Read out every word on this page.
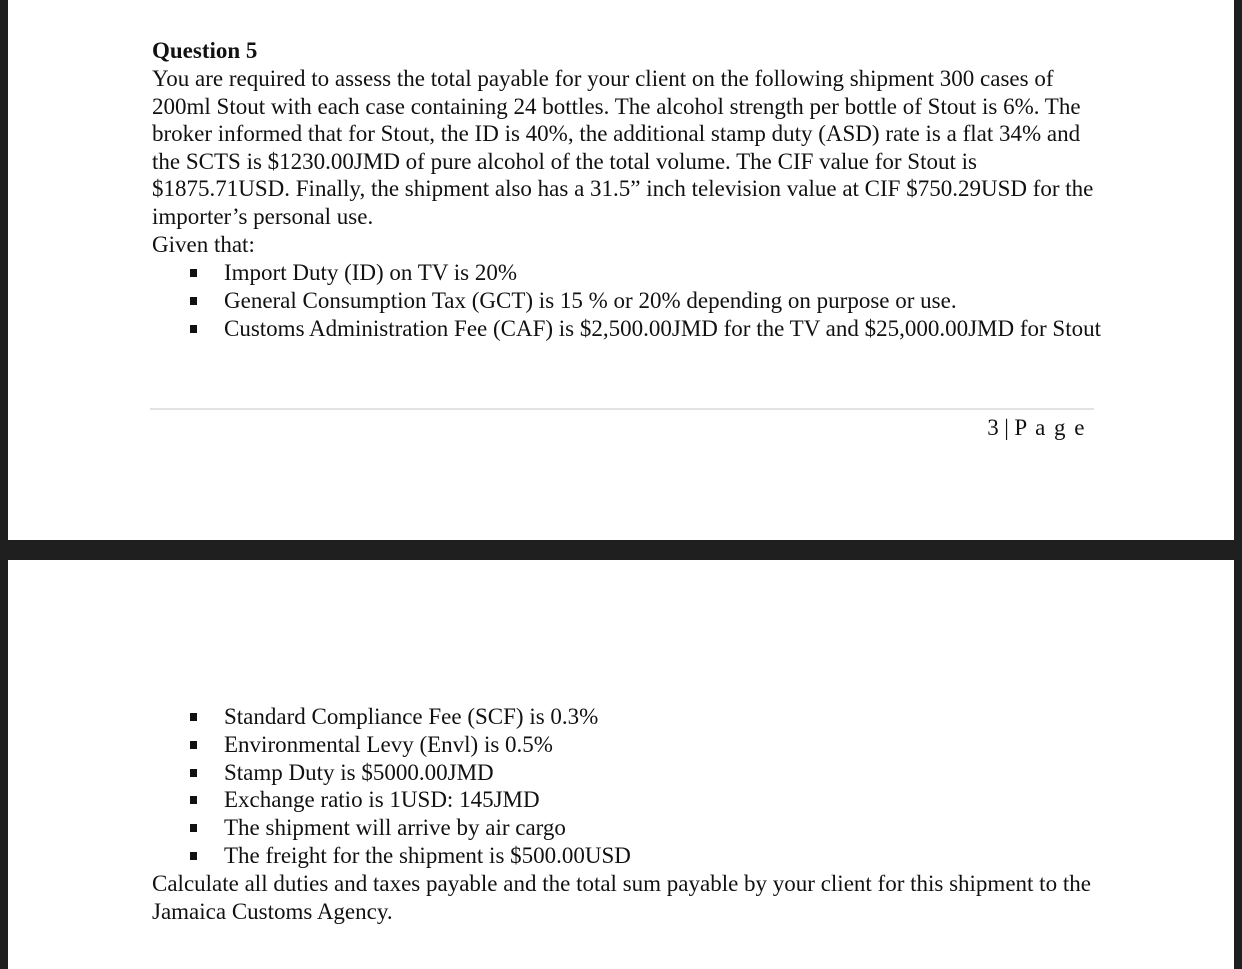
Question 5

You are required to assess the total payable for your client on the following shipment 300 cases of 200ml Stout with each case containing 24 bottles. The alcohol strength per bottle of Stout is 6%. The broker informed that for Stout, the ID is 40%, the additional stamp duty (ASD) rate is a flat 34% and the SCTS is $1230.00JMD of pure alcohol of the total volume. The CIF value for Stout is $1875.71USD. Finally, the shipment also has a 31.5” inch television value at CIF $750.29USD for the importer’s personal use.

Given that:

Import Duty (ID) on TV is 20%
General Consumption Tax (GCT) is 15 % or 20% depending on purpose or use.
Customs Administration Fee (CAF) is $2,500.00JMD for the TV and $25,000.00JMD for Stout
3 | P a g e
Standard Compliance Fee (SCF) is 0.3%
Environmental Levy (Envl) is 0.5%
Stamp Duty is $5000.00JMD
Exchange ratio is 1USD: 145JMD
The shipment will arrive by air cargo
The freight for the shipment is $500.00USD

Calculate all duties and taxes payable and the total sum payable by your client for this shipment to the Jamaica Customs Agency.
